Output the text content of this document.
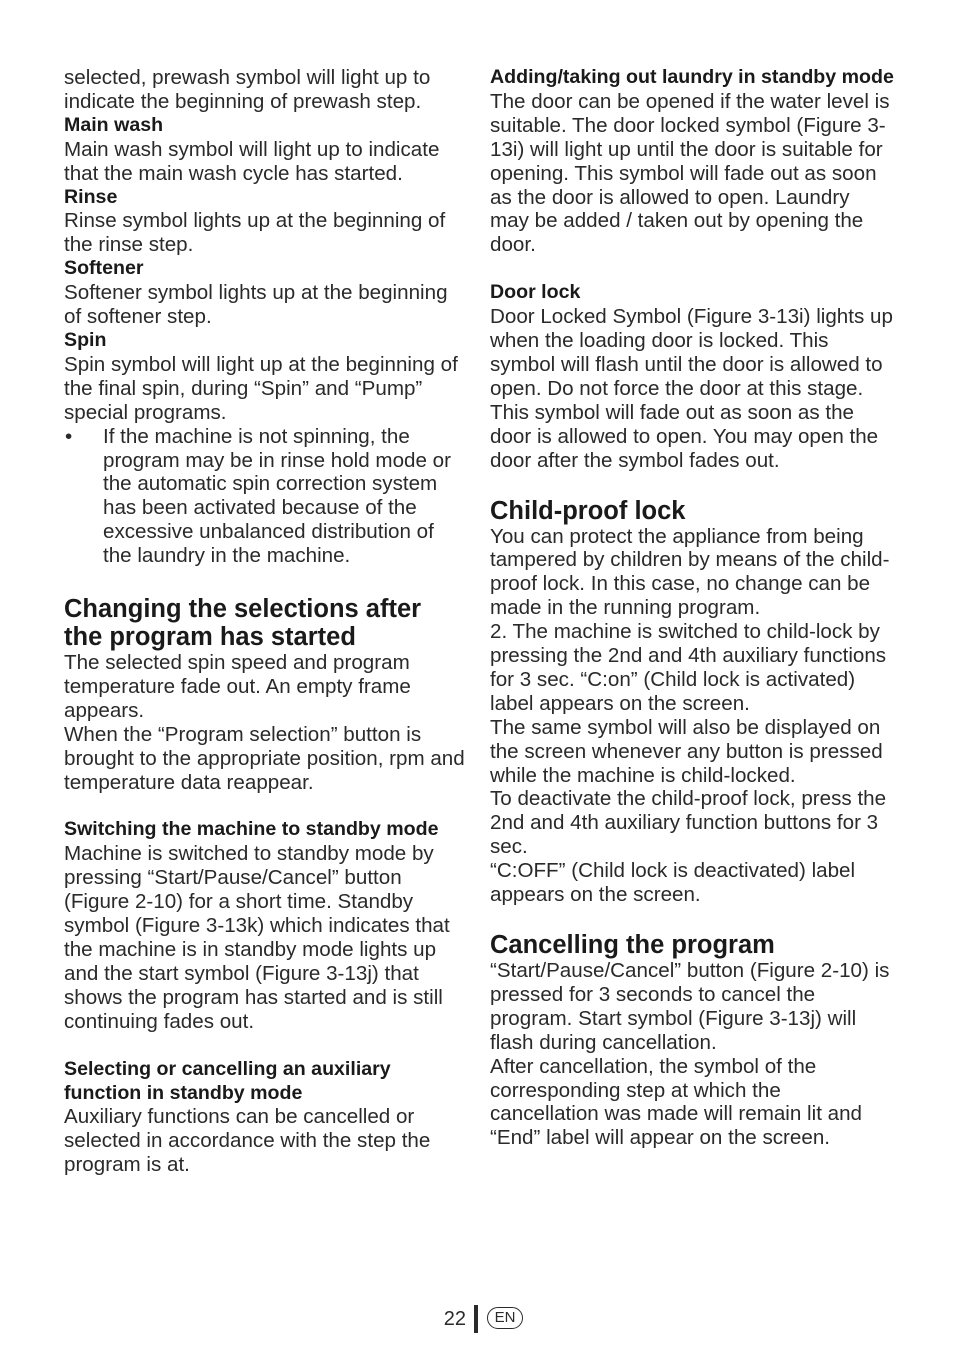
selected, prewash symbol will light up to indicate the beginning of prewash step.

Main wash

Main wash symbol will light up to indicate that the main wash cycle has started.

Rinse

Rinse symbol lights up at the beginning of the rinse step.

Softener

Softener symbol lights up at the beginning of softener step.

Spin

Spin symbol will light up at the beginning of the final spin, during “Spin” and “Pump” special programs.

• If the machine is not spinning, the program may be in rinse hold mode or the automatic spin correction system has been activated because of the excessive unbalanced distribution of the laundry in the machine.
Changing the selections after the program has started

The selected spin speed and program temperature fade out. An empty frame appears.

When the “Program selection” button is brought to the appropriate position, rpm and temperature data reappear.

Switching the machine to standby mode

Machine is switched to standby mode by pressing “Start/Pause/Cancel” button (Figure 2-10) for a short time. Standby symbol (Figure 3-13k) which indicates that the machine is in standby mode lights up and the start symbol (Figure 3-13j) that shows the program has started and is still continuing fades out.

Selecting or cancelling an auxiliary function in standby mode

Auxiliary functions can be cancelled or selected in accordance with the step the program is at.

Adding/taking out laundry in standby mode

The door can be opened if the water level is suitable. The door locked symbol (Figure 3-13i) will light up until the door is suitable for opening. This symbol will fade out as soon as the door is allowed to open. Laundry may be added / taken out by opening the door.

Door lock

Door Locked Symbol (Figure 3-13i) lights up when the loading door is locked. This symbol will flash until the door is allowed to open. Do not force the door at this stage. This symbol will fade out as soon as the door is allowed to open. You may open the door after the symbol fades out.

Child-proof lock

You can protect the appliance from being tampered by children by means of the child-proof lock. In this case, no change can be made in the running program.

2. The machine is switched to child-lock by pressing the 2nd and 4th auxiliary functions for 3 sec. “C:on” (Child lock is activated) label appears on the screen.

The same symbol will also be displayed on the screen whenever any button is pressed while the machine is child-locked.

To deactivate the child-proof lock, press the 2nd and 4th auxiliary function buttons for 3 sec.

“C:OFF” (Child lock is deactivated) label appears on the screen.

Cancelling the program

“Start/Pause/Cancel” button (Figure 2-10) is pressed for 3 seconds to cancel the program. Start symbol (Figure 3-13j) will flash during cancellation.

After cancellation, the symbol of the corresponding step at which the cancellation was made will remain lit and “End” label will appear on the screen.

22	EN
